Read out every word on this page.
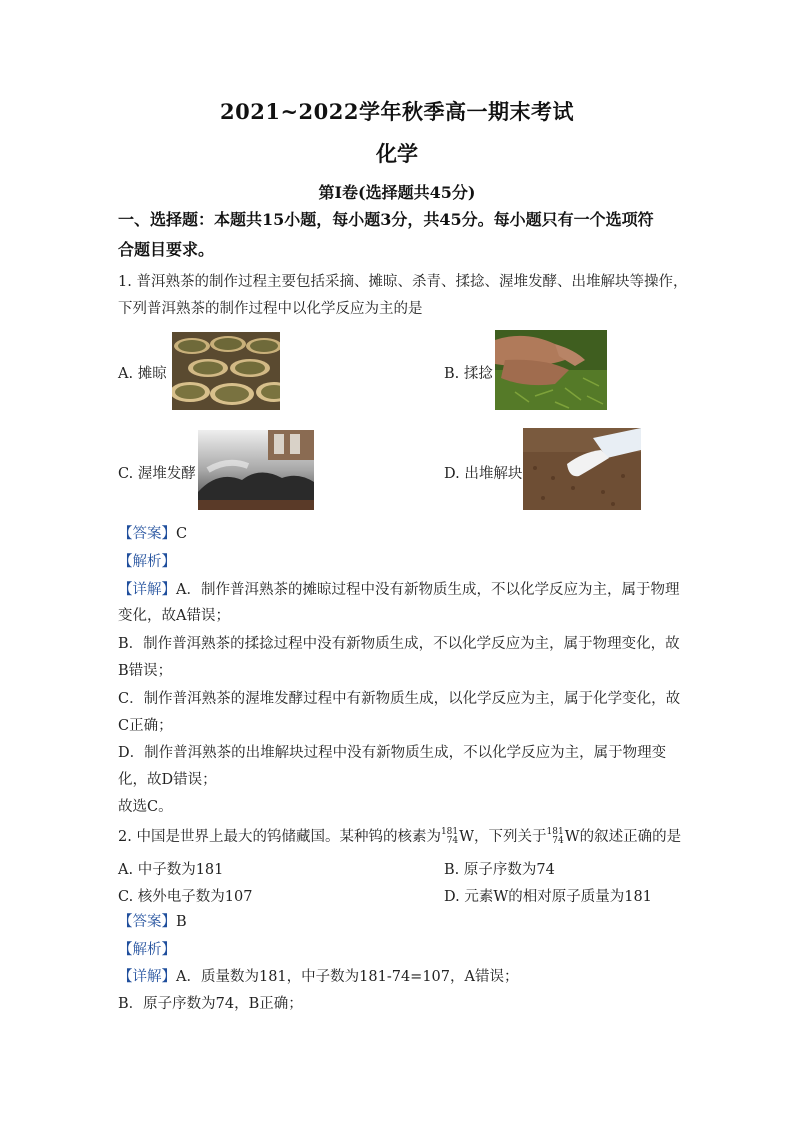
2021~2022学年秋季高一期末考试
化学
第I卷(选择题共45分)
一、选择题：本题共15小题，每小题3分，共45分。每小题只有一个选项符
合题目要求。
1. 普洱熟茶的制作过程主要包括采摘、摊晾、杀青、揉捻、渥堆发酵、出堆解块等操作，
下列普洱熟茶的制作过程中以化学反应为主的是
A. 摊晾	B. 揉捻
C. 渥堆发酵	D. 出堆解块
【答案】C
【解析】
【详解】A．制作普洱熟茶的摊晾过程中没有新物质生成，不以化学反应为主，属于物理
变化，故A错误；
B．制作普洱熟茶的揉捻过程中没有新物质生成，不以化学反应为主，属于物理变化，故
B错误；
C．制作普洱熟茶的渥堆发酵过程中有新物质生成，以化学反应为主，属于化学变化，故
C正确；
D．制作普洱熟茶的出堆解块过程中没有新物质生成，不以化学反应为主，属于物理变
化，故D错误；
故选C。
2. 中国是世界上最大的钨储藏国。某种钨的核素为 181
74 W，下列关于 181
74 W的叙述正确的是
A. 中子数为181	B. 原子序数为74
C. 核外电子数为107	D. 元素W的相对原子质量为181
【答案】B
【解析】
【详解】A．质量数为181，中子数为181-74=107，A错误；
B．原子序数为74，B正确；
